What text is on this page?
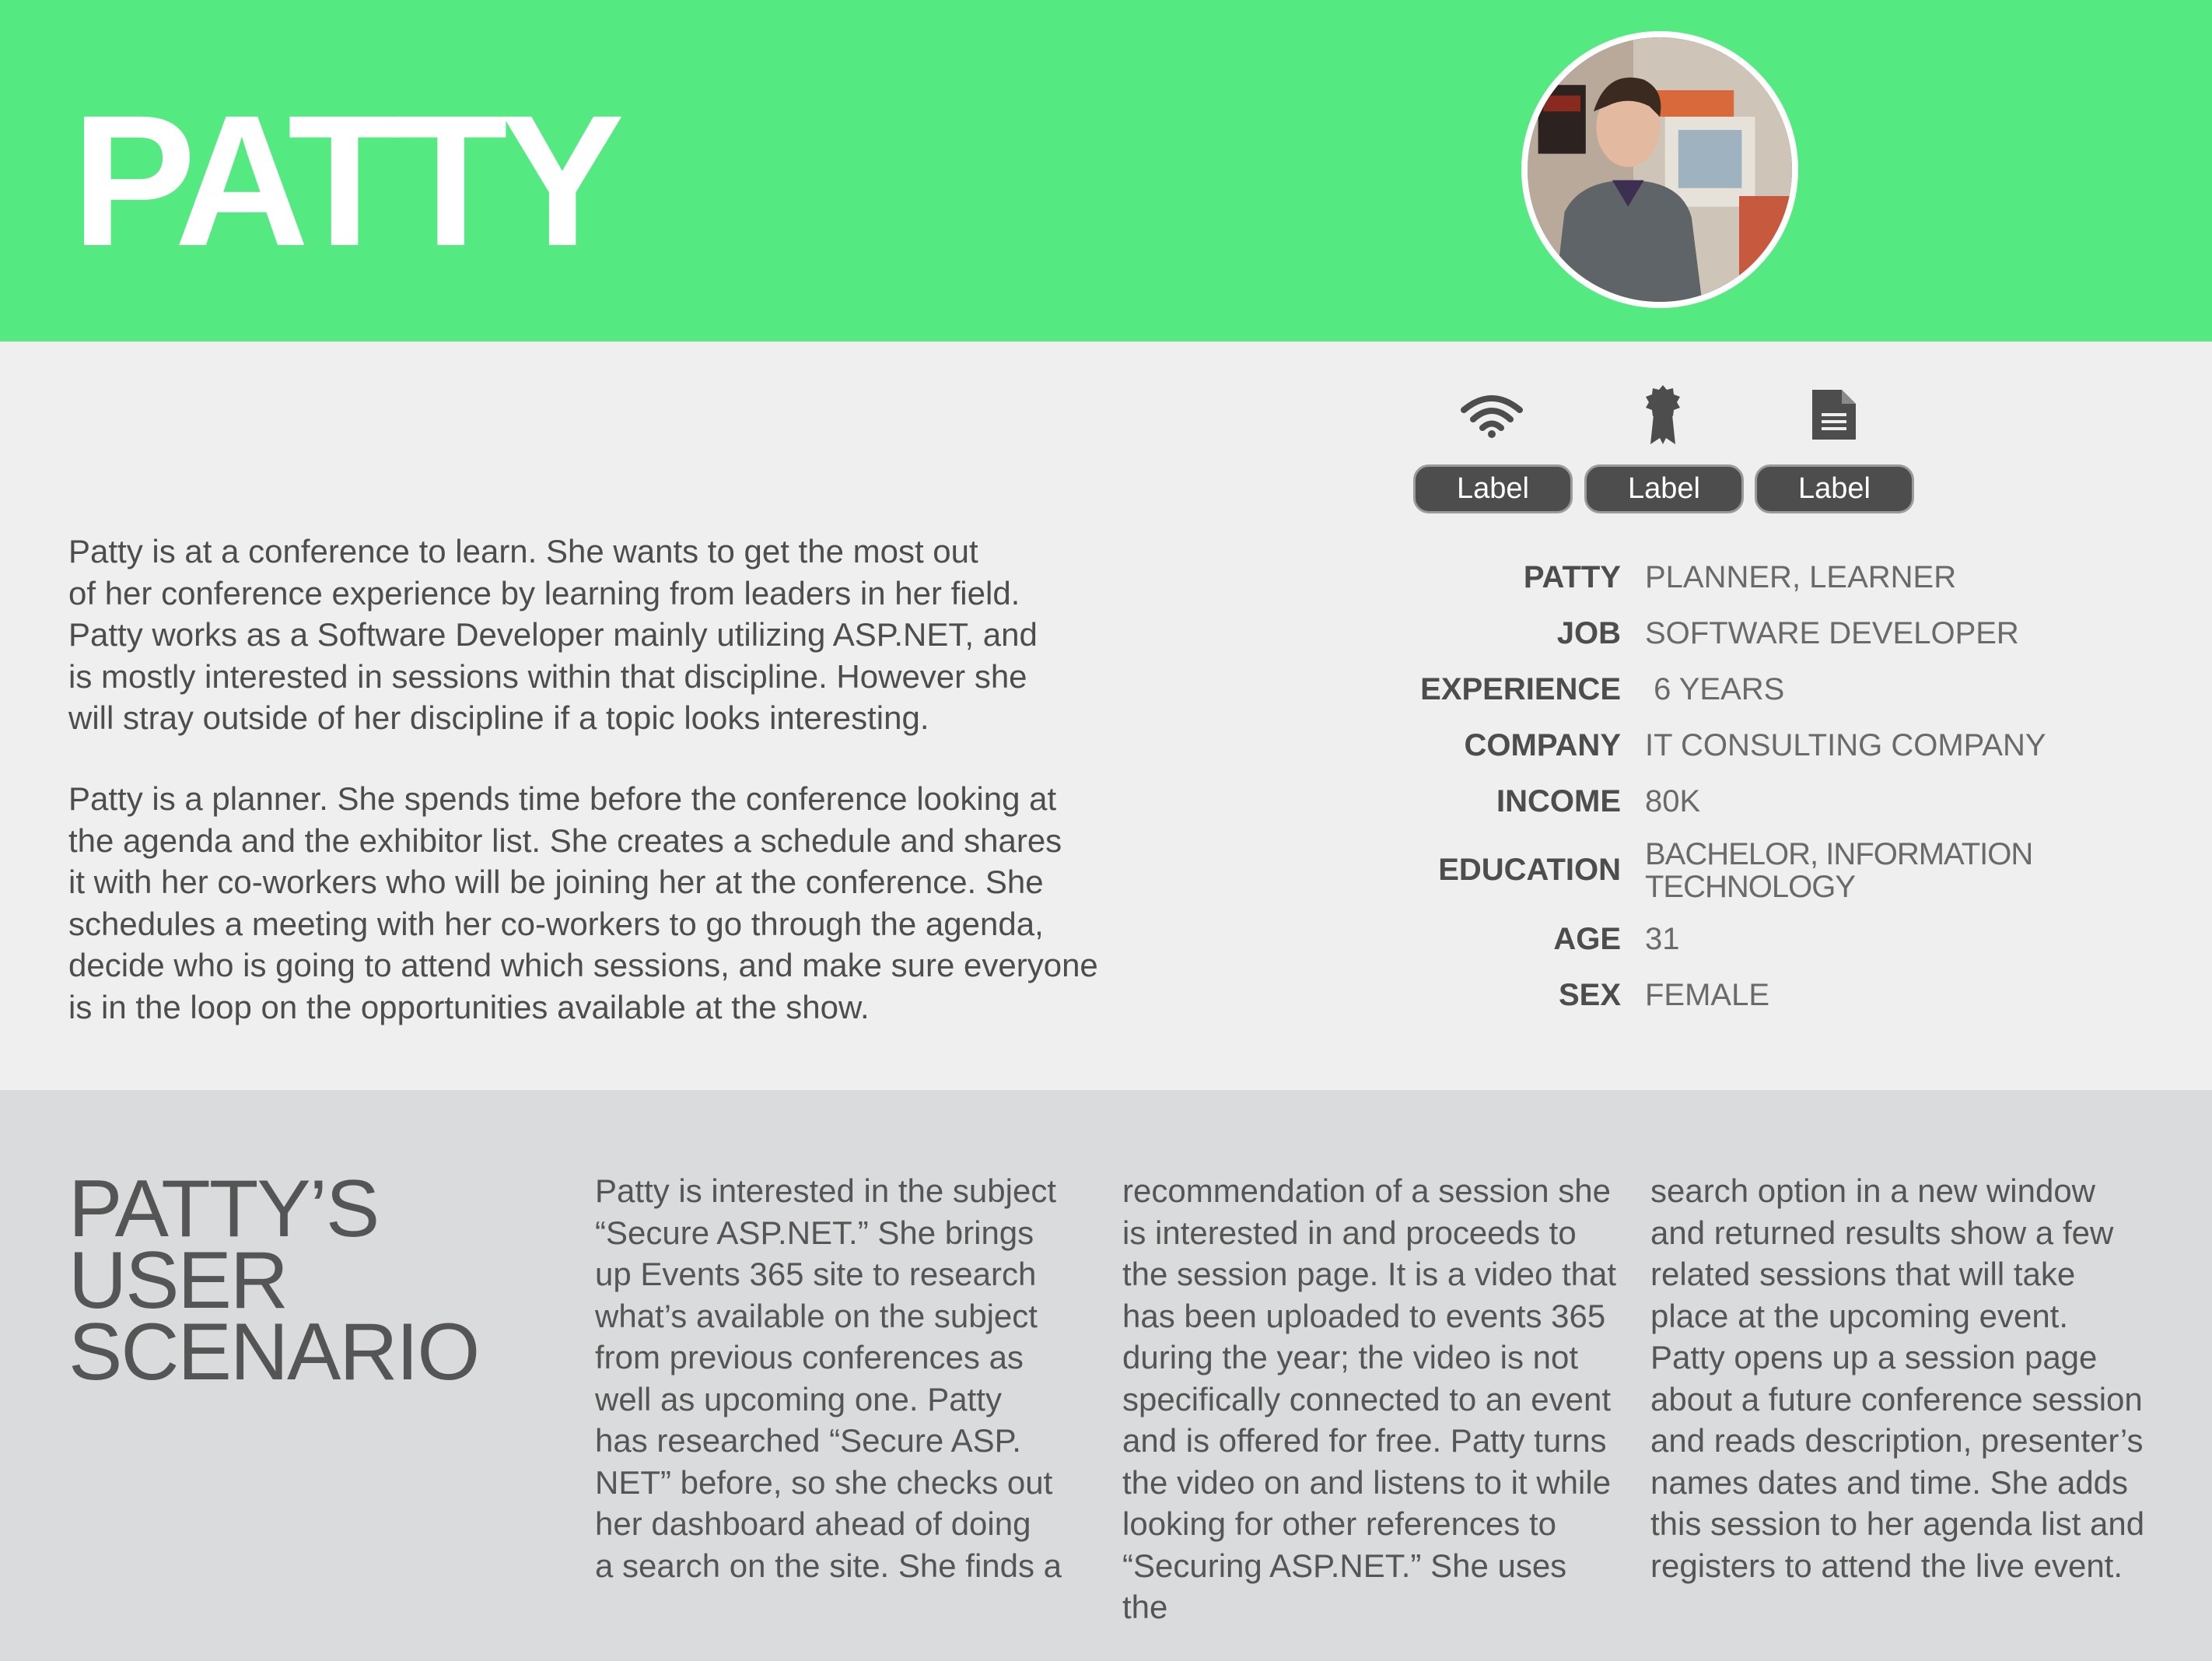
PATTY

Patty is at a conference to learn. She wants to get the most out
of her conference experience by learning from leaders in her field.
Patty works as a Software Developer mainly utilizing ASP.NET, and
is mostly interested in sessions within that discipline. However she
will stray outside of her discipline if a topic looks interesting.

Patty is a planner. She spends time before the conference looking at
the agenda and the exhibitor list. She creates a schedule and shares
it with her co-workers who will be joining her at the conference. She
schedules a meeting with her co-workers to go through the agenda,
decide who is going to attend which sessions, and make sure everyone
is in the loop on the opportunities available at the show.

Label	Label	Label
PATTY PLANNER, LEARNER
JOB SOFTWARE DEVELOPER
EXPERIENCE 6 YEARS
COMPANY IT CONSULTING COMPANY
INCOME 80K
EDUCATION BACHELOR, INFORMATION
TECHNOLOGY
AGE 31
SEX FEMALE
PATTY’S
USER
SCENARIO

Patty is interested in the subject
“Secure ASP.NET.” She brings
up Events 365 site to research
what’s available on the subject
from previous conferences as
well as upcoming one. Patty
has researched “Secure ASP.
NET” before, so she checks out
her dashboard ahead of doing
a search on the site. She finds a

recommendation of a session she
is interested in and proceeds to
the session page. It is a video that
has been uploaded to events 365
during the year; the video is not
specifically connected to an event
and is offered for free. Patty turns
the video on and listens to it while
looking for other references to
“Securing ASP.NET.” She uses the

search option in a new window
and returned results show a few
related sessions that will take
place at the upcoming event.
Patty opens up a session page
about a future conference session
and reads description, presenter’s
names dates and time. She adds
this session to her agenda list and
registers to attend the live event.
